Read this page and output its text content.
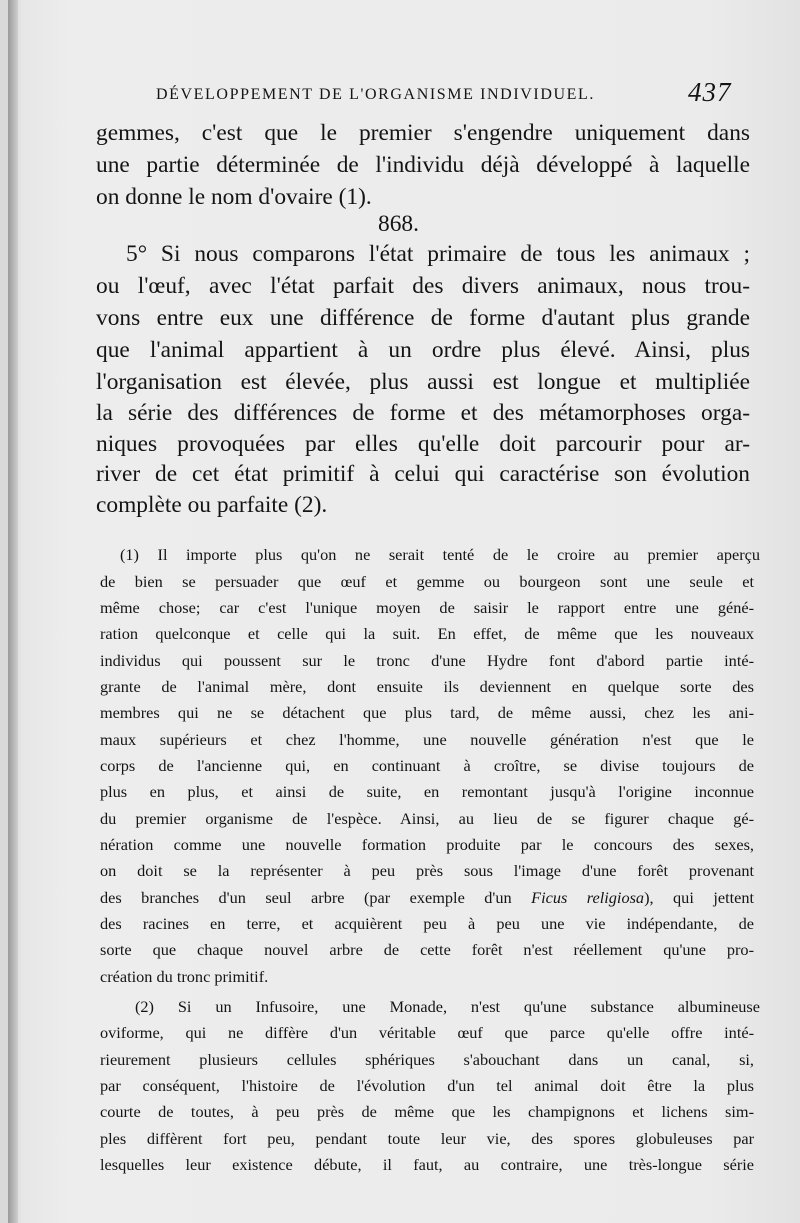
DÉVELOPPEMENT DE L'ORGANISME INDIVIDUEL.	437
gemmes, c'est que le premier s'engendre uniquement dans
une partie déterminée de l'individu déjà développé à laquelle
on donne le nom d'ovaire (1).
868.
5° Si nous comparons l'état primaire de tous les animaux ;
ou l'œuf, avec l'état parfait des divers animaux, nous trou-
vons entre eux une différence de forme d'autant plus grande
que l'animal appartient à un ordre plus élevé. Ainsi, plus
l'organisation est élevée, plus aussi est longue et multipliée
la série des différences de forme et des métamorphoses orga-
niques provoquées par elles qu'elle doit parcourir pour ar-
river de cet état primitif à celui qui caractérise son évolution
complète ou parfaite (2).
(1) Il importe plus qu'on ne serait tenté de le croire au premier aperçu
de bien se persuader que œuf et gemme ou bourgeon sont une seule et
même chose; car c'est l'unique moyen de saisir le rapport entre une géné-
ration quelconque et celle qui la suit. En effet, de même que les nouveaux
individus qui poussent sur le tronc d'une Hydre font d'abord partie inté-
grante de l'animal mère, dont ensuite ils deviennent en quelque sorte des
membres qui ne se détachent que plus tard, de même aussi, chez les ani-
maux supérieurs et chez l'homme, une nouvelle génération n'est que le
corps de l'ancienne qui, en continuant à croître, se divise toujours de
plus en plus, et ainsi de suite, en remontant jusqu'à l'origine inconnue
du premier organisme de l'espèce. Ainsi, au lieu de se figurer chaque gé-
nération comme une nouvelle formation produite par le concours des sexes,
on doit se la représenter à peu près sous l'image d'une forêt provenant
des branches d'un seul arbre (par exemple d'un Ficus religiosa), qui jettent
des racines en terre, et acquièrent peu à peu une vie indépendante, de
sorte que chaque nouvel arbre de cette forêt n'est réellement qu'une pro-
création du tronc primitif.
(2) Si un Infusoire, une Monade, n'est qu'une substance albumineuse
oviforme, qui ne diffère d'un véritable œuf que parce qu'elle offre inté-
rieurement plusieurs cellules sphériques s'abouchant dans un canal, si,
par conséquent, l'histoire de l'évolution d'un tel animal doit être la plus
courte de toutes, à peu près de même que les champignons et lichens sim-
ples diffèrent fort peu, pendant toute leur vie, des spores globuleuses par
lesquelles leur existence débute, il faut, au contraire, une très-longue série
